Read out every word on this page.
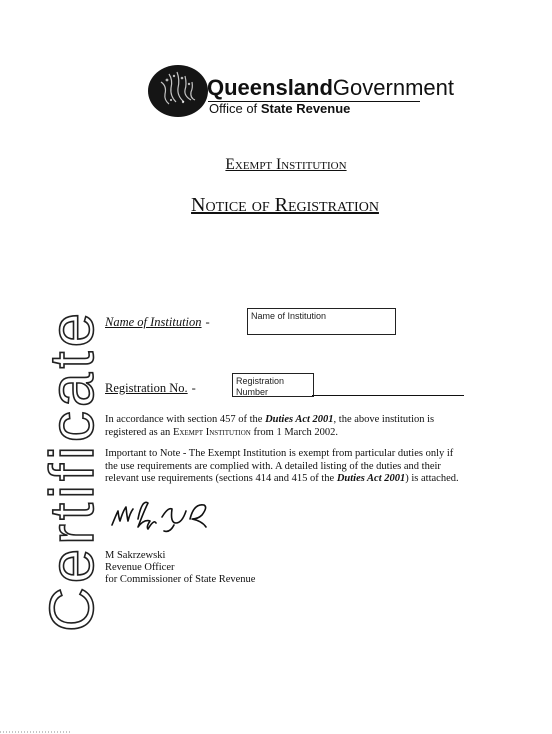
Certificate
QueenslandGovernment
Office of State Revenue
Exempt Institution
Notice of Registration
Name of Institution -	Name of Institution
Registration No. -	Registration Number
In accordance with section 457 of the Duties Act 2001, the above institution is registered as an Exempt Institution from 1 March 2002.
Important to Note - The Exempt Institution is exempt from particular duties only if the use requirements are complied with. A detailed listing of the duties and their relevant use requirements (sections 414 and 415 of the Duties Act 2001) is attached.
M Sakrzewski
Revenue Officer
for Commissioner of State Revenue
